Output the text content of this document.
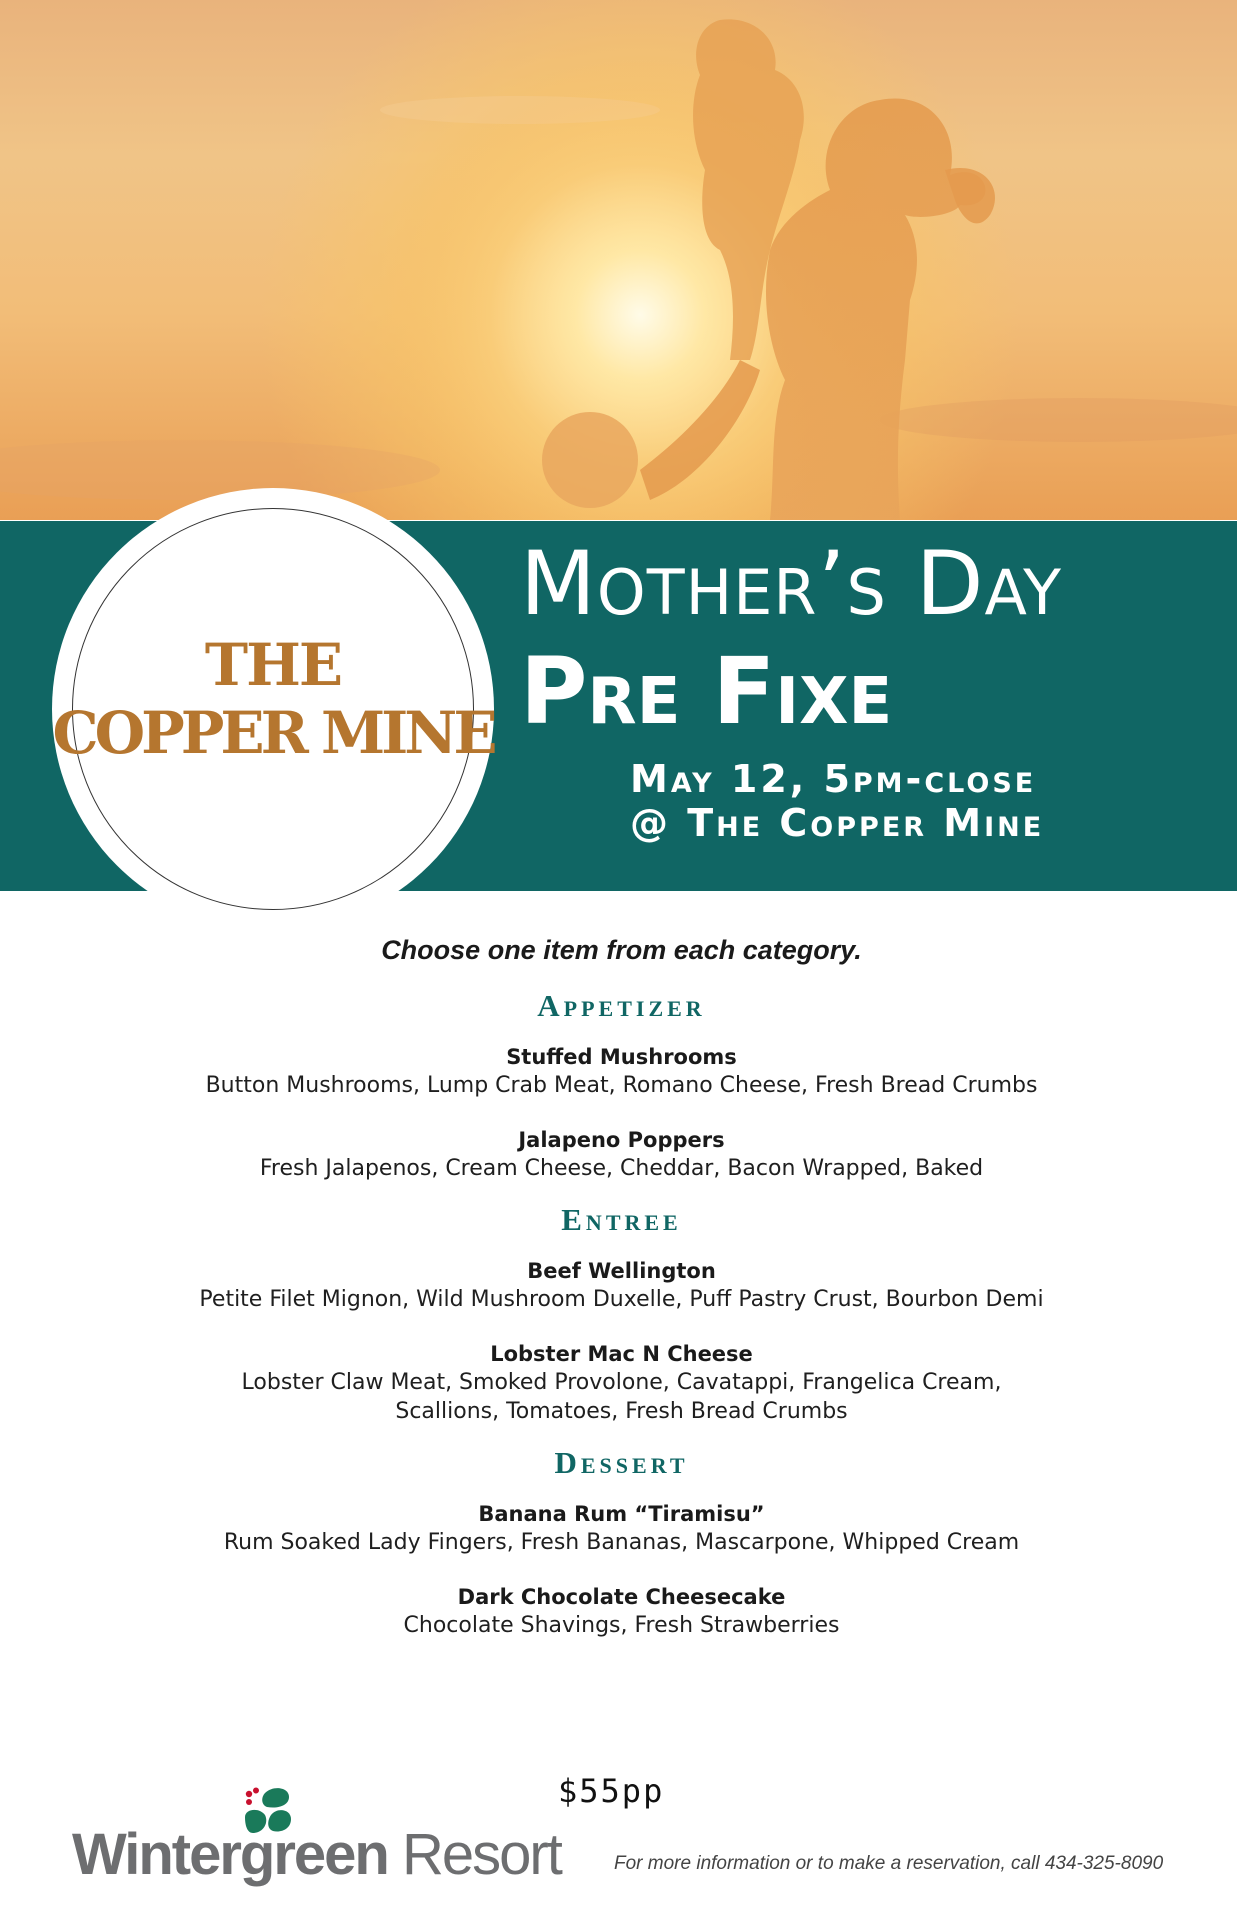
Mother’s Day
Pre Fixe
May 12, 5pm-close
@ The Copper Mine
THE
COPPER MINE
Choose one item from each category.
Appetizer
Stuffed Mushrooms
Button Mushrooms, Lump Crab Meat, Romano Cheese, Fresh Bread Crumbs
Jalapeno Poppers
Fresh Jalapenos, Cream Cheese, Cheddar, Bacon Wrapped, Baked
Entree
Beef Wellington
Petite Filet Mignon, Wild Mushroom Duxelle, Puff Pastry Crust, Bourbon Demi
Lobster Mac N Cheese
Lobster Claw Meat, Smoked Provolone, Cavatappi, Frangelica Cream,
Scallions, Tomatoes, Fresh Bread Crumbs
Dessert
Banana Rum “Tiramisu”
Rum Soaked Lady Fingers, Fresh Bananas, Mascarpone, Whipped Cream
Dark Chocolate Cheesecake
Chocolate Shavings, Fresh Strawberries
$55pp
Wintergreen Resort	For more information or to make a reservation, call 434-325-8090
